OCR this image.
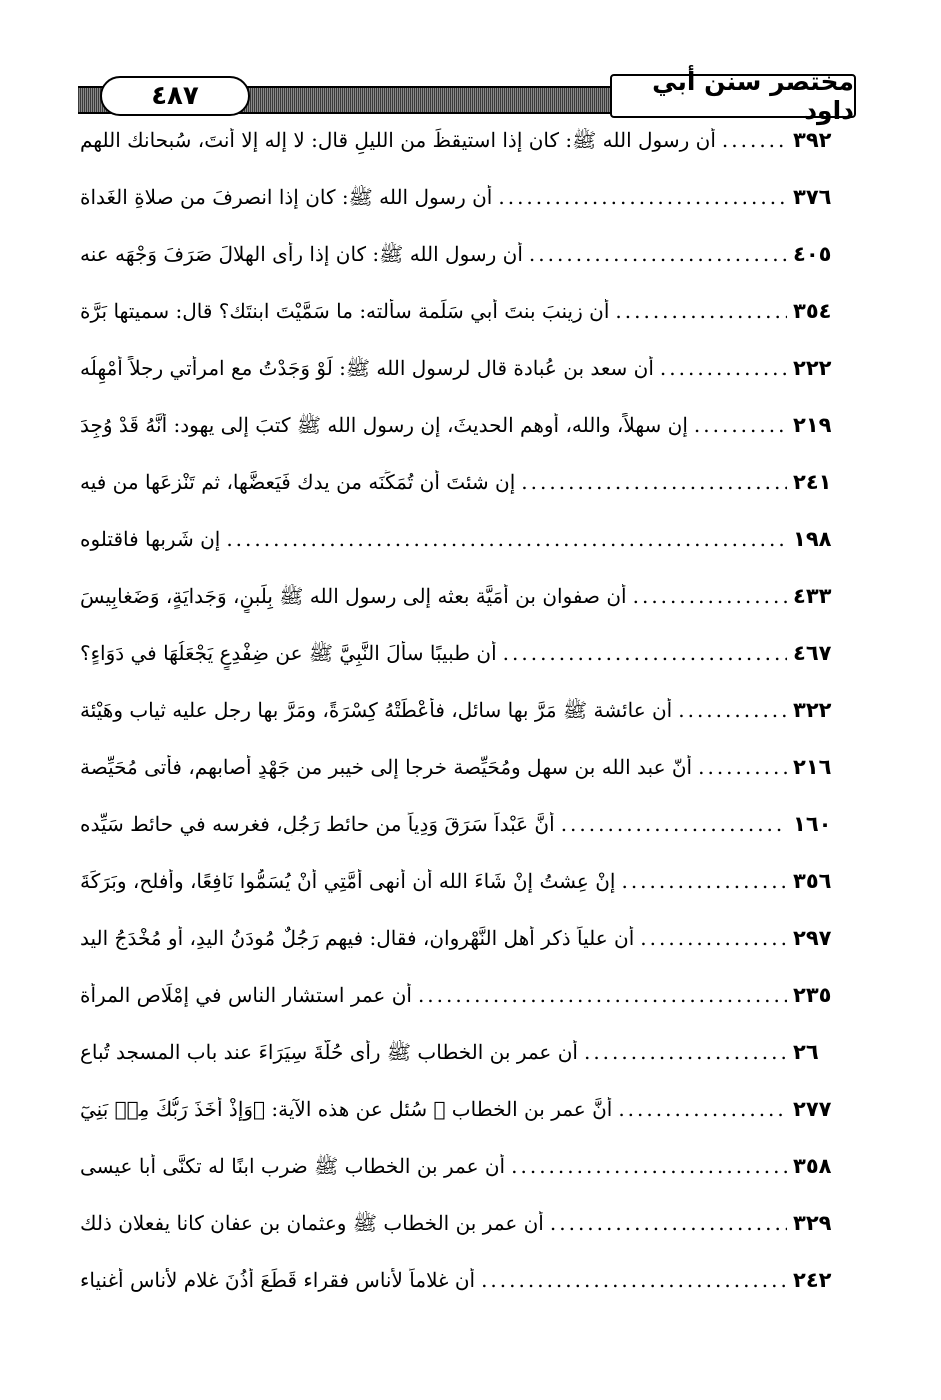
٤٨٧	مختصر سنن أبي داود
أن رسول الله ﷺ: كان إذا استيقظَ من الليلِ قال: لا إله إلا أنتَ، سُبحانك اللهم .....	٣٩٢
أن رسول الله ﷺ: كان إذا انصرفَ من صلاةِ الغَداة .....	٣٧٦
أن رسول الله ﷺ: كان إذا رأى الهلالَ صَرَفَ وَجْهَه عنه .....	٤٠٥
أن زينبَ بنتَ أبي سَلَمة سألته: ما سَمَّيْتَ ابنتَك؟ قال: سميتها بَرَّة .....	٣٥٤
أن سعد بن عُبادة قال لرسول الله ﷺ: لَوْ وَجَدْتُ مع امرأتي رجلاً أُمْهِلُه .....	٢٢٢
إن سهلاً، والله، أوهم الحديثَ، إن رسول الله ﷺ كتبَ إلى يهود: أَنَّهُ قَدْ وُجِدَ .....	٢١٩
إن شئتَ أن تُمَكِّنَه من يدك فَيَعضَّها، ثم تَنْزِعَها من فيه .....	٢٤١
إن شَرِبها فاقتلوه .....	١٩٨
أن صفوان بن أُمَيَّة بعثه إلى رسول الله ﷺ بِلَبنٍ، وَجَدايَةٍ، وَضَغابِيسَ .....	٤٣٣
أن طبيبًا سأَلَ النَّبِيَّ ﷺ عن ضِفْدِعٍ يَجْعَلُهَا في دَوَاءٍ؟ .....	٤٦٧
أن عائشة ﷺ مَرَّ بها سائل، فأعْطَتْهُ كِسْرَةً، ومَرَّ بها رجل عليه ثياب وهَيْئة .....	٣٢٢
أنّ عبد الله بن سهل ومُحَيِّصة خرجا إلى خيبر من جَهْدٍ أصابهم، فأتى مُحَيِّصة .....	٢١٦
أنَّ عَبْداً سَرَقَ وَدِياً من حائط رَجُلٍ، فغرسه في حائط سَيِّده .....	١٦٠
إنْ عِشتُ إنْ شَاءَ الله أَن أنهى أُمَّتِي أَنْ يُسَمُّوا نَافِعًا، وأفلح، وبَرَكَةَ .....	٣٥٦
أن علياً ذكر أهل النَّهْروان، فقال: فيهم رَجُلٌ مُودَنُ اليدِ، أو مُخْدَجُ اليد .....	٢٩٧
أن عمر استشار الناس في إمْلَاص المرأة .....	٢٣٥
أن عمر بن الخطاب ﷺ رأى حُلَّةَ سِيَرَاءَ عند باب المسجد تُباع .....	٢٦
أنَّ عمر بن الخطاب ﷺ سُئل عن هذه الآية: ﴿وَإِذْ أَخَذَ رَبُّكَ مِنۢ بَنِيٓ .....	٢٧٧
أن عمر بن الخطاب ﷺ ضرب ابنًا له تكنَّى أبا عيسى .....	٣٥٨
أن عمر بن الخطاب ﷺ وعثمان بن عفان كانا يفعلان ذلك .....	٣٢٩
أن غلاماً لأناس فقراء قَطَعَ أُذُنَ غلام لأناس أغنياء .....	٢٤٢
